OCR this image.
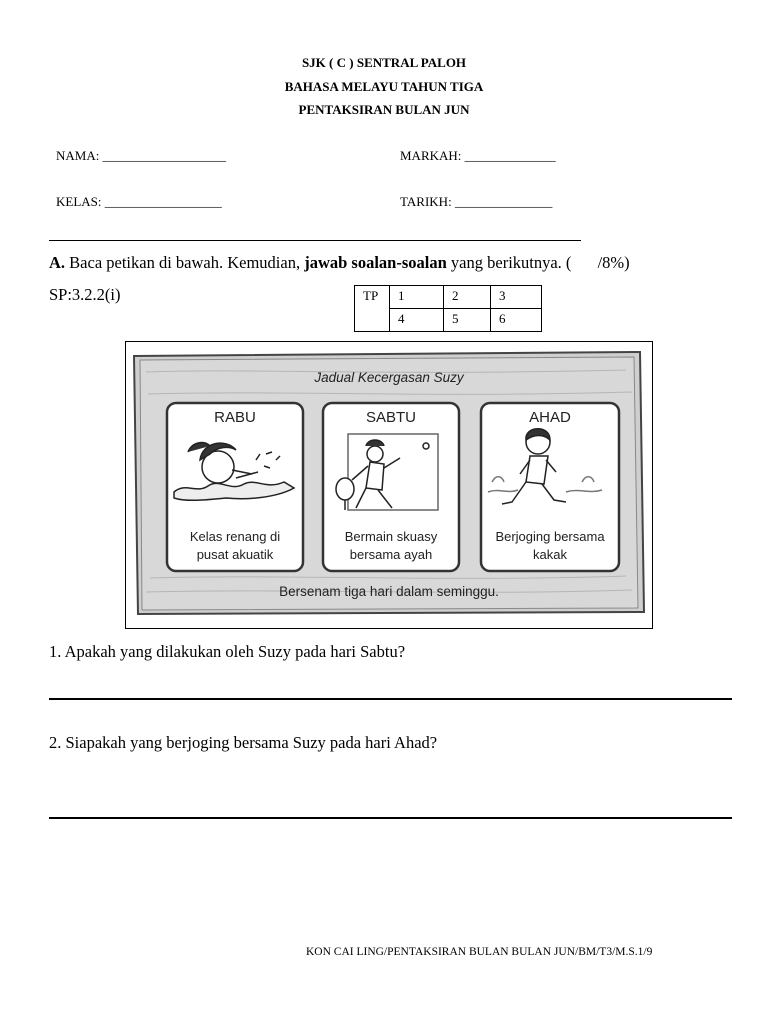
SJK ( C ) SENTRAL PALOH
BAHASA MELAYU TAHUN TIGA
PENTAKSIRAN BULAN JUN
NAMA: ___________________	MARKAH: ______________
KELAS: __________________	TARIKH: _______________
A. Baca petikan di bawah. Kemudian, jawab soalan-soalan yang berikutnya. ( /8%)
SP:3.2.2(i)	TP	1	2	3
	4	5	6
Jadual Kecergasan Suzy
RABU	SABTU	AHAD
Kelas renang di
pusat akuatik
Bermain skuasy
bersama ayah
Berjoging bersama
kakak
Bersenam tiga hari dalam seminggu.
1. Apakah yang dilakukan oleh Suzy pada hari Sabtu?
2. Siapakah yang berjoging bersama Suzy pada hari Ahad?
KON CAI LING/PENTAKSIRAN BULAN BULAN JUN/BM/T3/M.S.1/9
